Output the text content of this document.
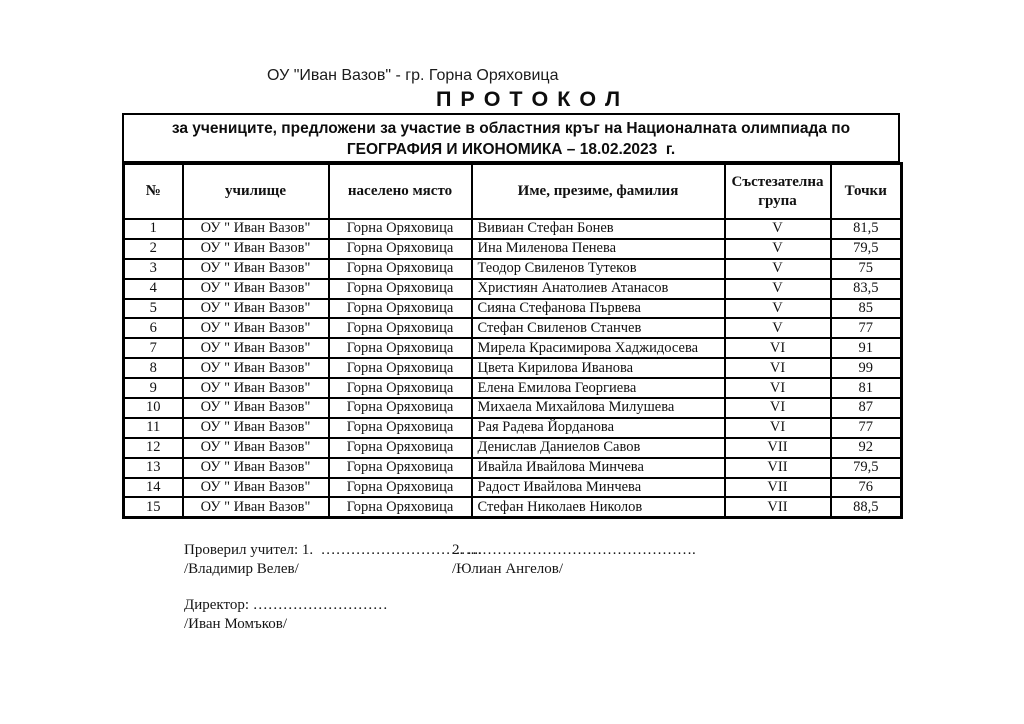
ОУ "Иван Вазов" - гр. Горна Оряховица
П Р О Т О К О Л
за учениците, предложени за участие в областния кръг на Националната олимпиада по
ГЕОГРАФИЯ И ИКОНОМИКА – 18.02.2023  г.
№	училище	населено място	Име, презиме, фамилия	Състезателна група	Точки
1	ОУ " Иван Вазов"	Горна Оряховица	Вивиан Стефан Бонев	V	81,5
2	ОУ " Иван Вазов"	Горна Оряховица	Ина Миленова Пенева	V	79,5
3	ОУ " Иван Вазов"	Горна Оряховица	Теодор Свиленов Тутеков	V	75
4	ОУ " Иван Вазов"	Горна Оряховица	Християн Анатолиев Атанасов	V	83,5
5	ОУ " Иван Вазов"	Горна Оряховица	Сияна Стефанова Първева	V	85
6	ОУ " Иван Вазов"	Горна Оряховица	Стефан Свиленов Станчев	V	77
7	ОУ " Иван Вазов"	Горна Оряховица	Мирела Красимирова Хаджидосева	VI	91
8	ОУ " Иван Вазов"	Горна Оряховица	Цвета Кирилова Иванова	VI	99
9	ОУ " Иван Вазов"	Горна Оряховица	Елена Емилова Георгиева	VI	81
10	ОУ " Иван Вазов"	Горна Оряховица	Михаела Михайлова Милушева	VI	87
11	ОУ " Иван Вазов"	Горна Оряховица	Рая Радева Йорданова	VI	77
12	ОУ " Иван Вазов"	Горна Оряховица	Денислав Даниелов Савов	VII	92
13	ОУ " Иван Вазов"	Горна Оряховица	Ивайла Ивайлова Минчева	VII	79,5
14	ОУ " Иван Вазов"	Горна Оряховица	Радост Ивайлова Минчева	VII	76
15	ОУ " Иван Вазов"	Горна Оряховица	Стефан Николаев Николов	VII	88,5
Проверил учител: 1.  …………………………...
2. ……………………………………….
/Владимир Велев/	/Юлиан Ангелов/
Директор: ………………………
/Иван Момъков/
